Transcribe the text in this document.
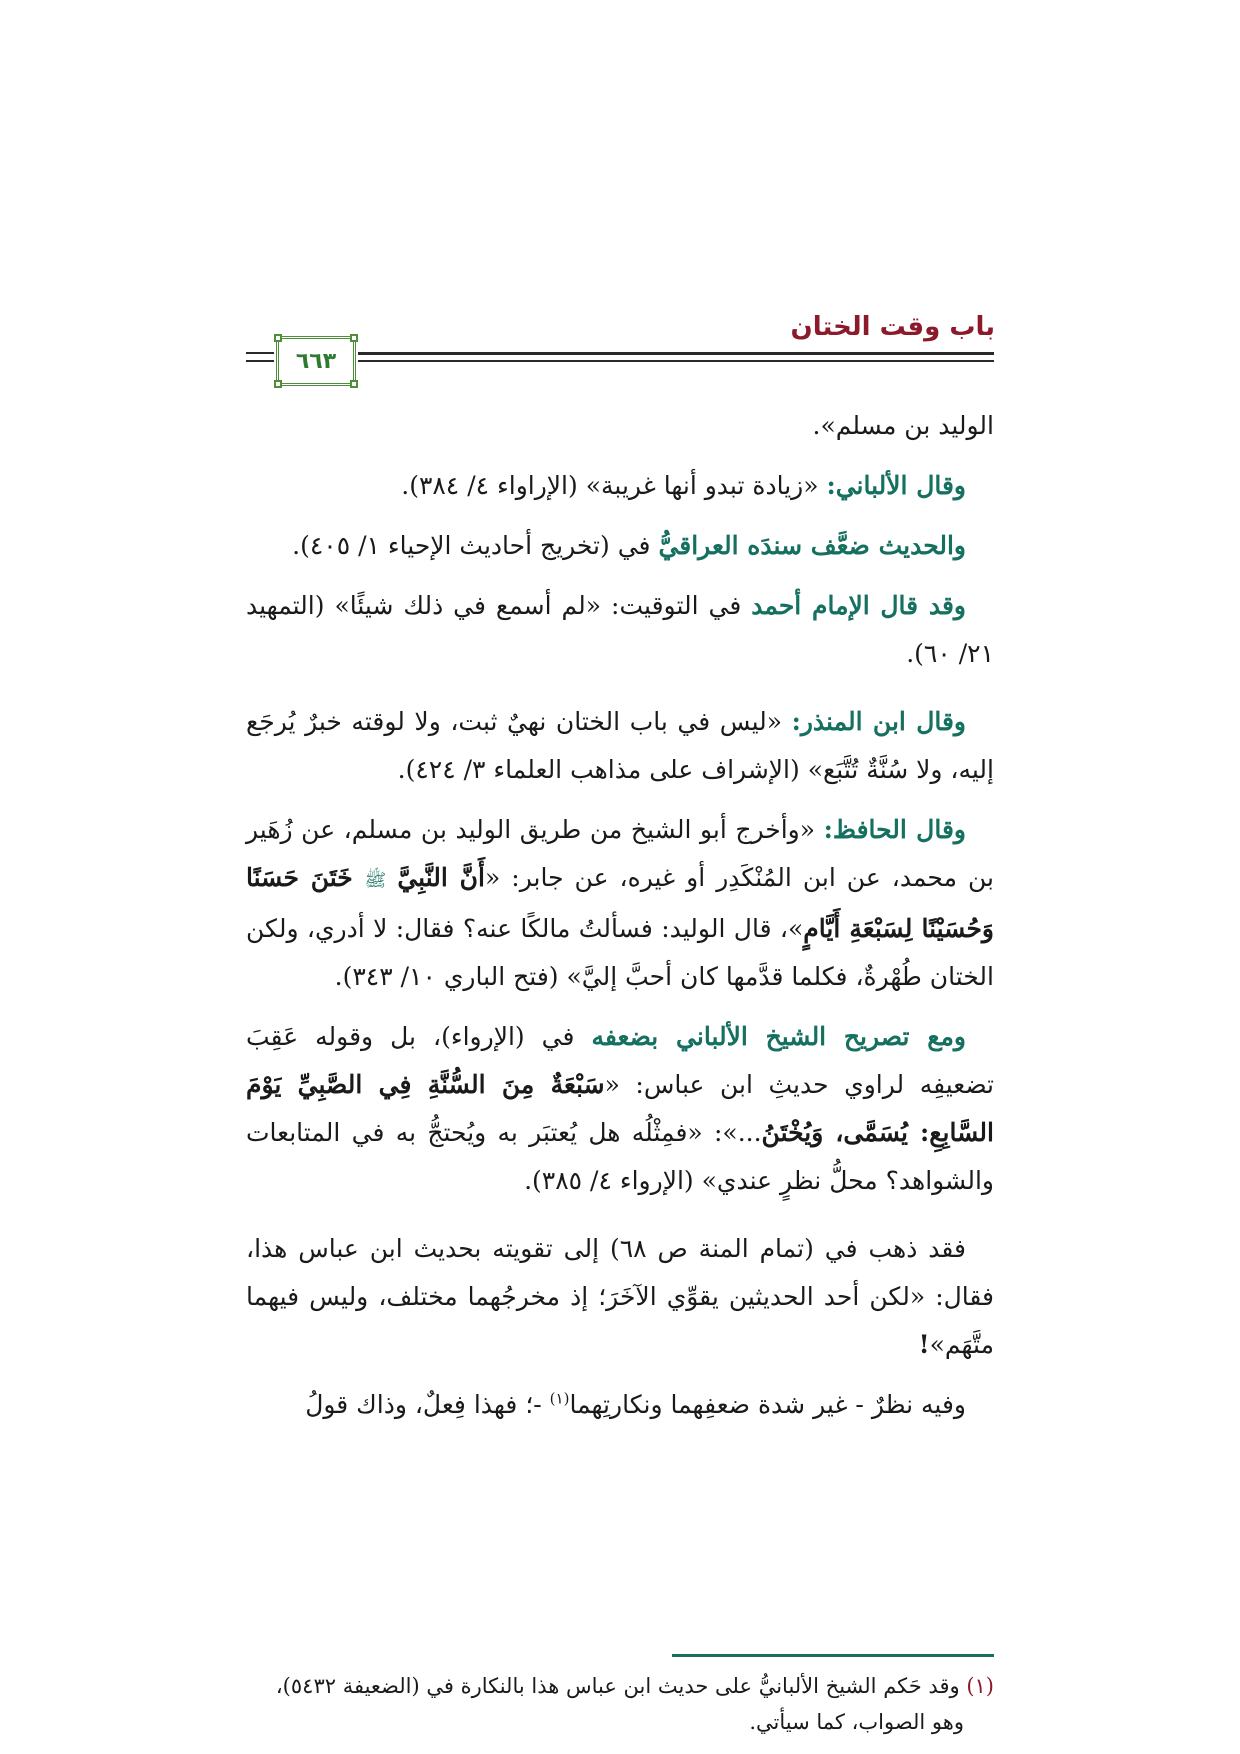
باب وقت الختان
٦٦٣

الوليد بن مسلم».

وقال الألباني: «زيادة تبدو أنها غريبة» (الإراواء ٤/ ٣٨٤).

والحديث ضعَّف سندَه العراقيُّ في (تخريج أحاديث الإحياء ١/ ٤٠٥).

وقد قال الإمام أحمد في التوقيت: «لم أسمع في ذلك شيئًا» (التمهيد ٢١/ ٦٠).

وقال ابن المنذر: «ليس في باب الختان نهيٌ ثبت، ولا لوقته خبرٌ يُرجَع إليه، ولا سُنَّةٌ تُتَّبَع» (الإشراف على مذاهب العلماء ٣/ ٤٢٤).

وقال الحافظ: «وأخرج أبو الشيخ من طريق الوليد بن مسلم، عن زُهَير بن محمد، عن ابن المُنْكَدِر أو غيره، عن جابر: «أَنَّ النَّبِيَّ ﷺ خَتَنَ حَسَنًا وَحُسَيْنًا لِسَبْعَةِ أَيَّامٍ»، قال الوليد: فسألتُ مالكًا عنه؟ فقال: لا أدري، ولكن الختان طُهْرةٌ، فكلما قدَّمها كان أحبَّ إليَّ» (فتح الباري ١٠/ ٣٤٣).

ومع تصريح الشيخ الألباني بضعفه في (الإرواء)، بل وقوله عَقِبَ تضعيفِه لراوي حديثِ ابن عباس: «سَبْعَةٌ مِنَ السُّنَّةِ فِي الصَّبِيِّ يَوْمَ السَّابِعِ: يُسَمَّى، وَيُخْتَنُ...»: «فمِثْلُه هل يُعتبَر به ويُحتجُّ به في المتابعات والشواهد؟ محلُّ نظرٍ عندي» (الإرواء ٤/ ٣٨٥).

فقد ذهب في (تمام المنة ص ٦٨) إلى تقويته بحديث ابن عباس هذا، فقال: «لكن أحد الحديثين يقوِّي الآخَرَ؛ إذ مخرجُهما مختلف، وليس فيهما متَّهَم»!

وفيه نظرٌ - غير شدة ضعفِهما ونكارتِهما$^{(١)}$ -؛ فهذا فِعلٌ، وذاك قولُ

(١) وقد حَكم الشيخ الألبانيُّ على حديث ابن عباس هذا بالنكارة في (الضعيفة ٥٤٣٢)،

وهو الصواب، كما سيأتي.
